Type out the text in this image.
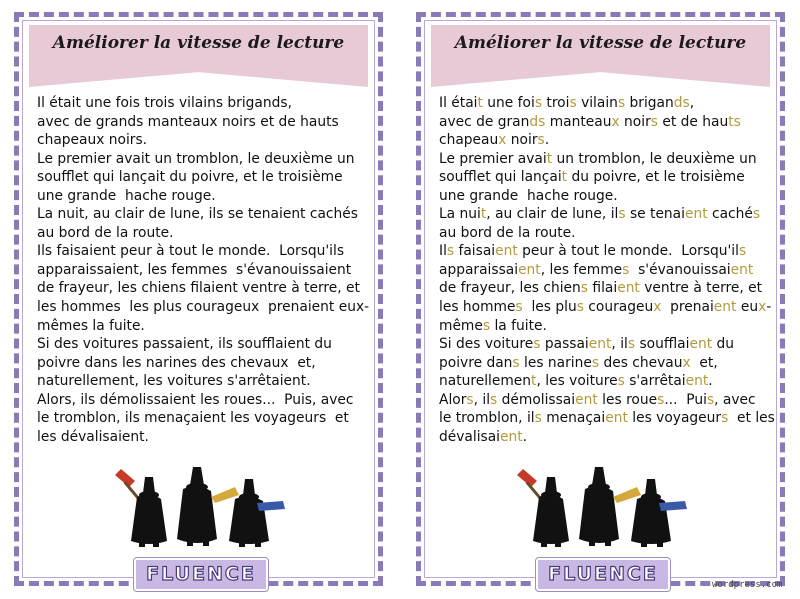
Améliorer la vitesse de lecture
Il était une fois trois vilains brigands,
avec de grands manteaux noirs et de hauts
chapeaux noirs.
Le premier avait un tromblon, le deuxième un
soufflet qui lançait du poivre, et le troisième
une grande  hache rouge.
La nuit, au clair de lune, ils se tenaient cachés
au bord de la route.
Ils faisaient peur à tout le monde.  Lorsqu'ils
apparaissaient, les femmes  s'évanouissaient
de frayeur, les chiens filaient ventre à terre, et
les hommes  les plus courageux  prenaient eux-
mêmes la fuite.
Si des voitures passaient, ils soufflaient du
poivre dans les narines des chevaux  et,
naturellement, les voitures s'arrêtaient.
Alors, ils démolissaient les roues...  Puis, avec
le tromblon, ils menaçaient les voyageurs  et
les dévalisaient.
FLUENCE
Améliorer la vitesse de lecture
Il était une fois trois vilains brigands,
avec de grands manteaux noirs et de hauts
chapeaux noirs.
Le premier avait un tromblon, le deuxième un
soufflet qui lançait du poivre, et le troisième
une grande hache rouge.
La nuit, au clair de lune, ils se tenaient cachés
au bord de la route.
Ils faisaient peur à tout le monde. Lorsqu'ils
apparaissaient, les femmes s'évanouissaient
de frayeur, les chiens filaient ventre à terre, et
les hommes les plus courageux prenaient eux-
mêmes la fuite.
Si des voitures passaient, ils soufflaient du
poivre dans les narines des chevaux et,
naturellement, les voitures s'arrêtaient.
Alors, ils démolissaient les roues... Puis, avec
le tromblon, ils menaçaient les voyageurs et les
dévalisaient.
FLUENCE	wordpress.com
